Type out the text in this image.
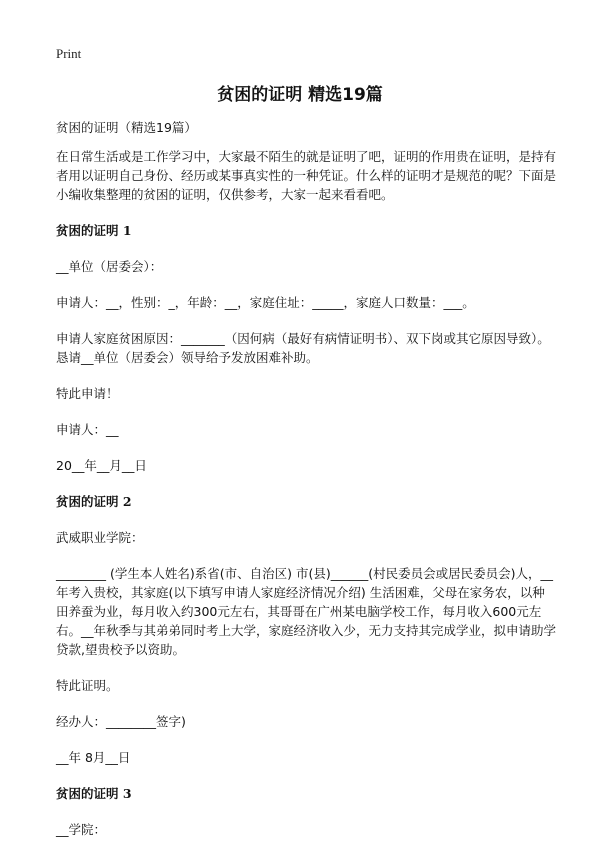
Print
贫困的证明 精选19篇

贫困的证明（精选19篇）

在日常生活或是工作学习中，大家最不陌生的就是证明了吧，证明的作用贵在证明，是持有者用以证明自己身份、经历或某事真实性的一种凭证。什么样的证明才是规范的呢？下面是小编收集整理的贫困的证明，仅供参考，大家一起来看看吧。

贫困的证明 1

__单位（居委会）：

申请人：__，性别：_，年龄：__，家庭住址：_____，家庭人口数量：___。

申请人家庭贫困原因：_______（因何病（最好有病情证明书）、双下岗或其它原因导致）。恳请__单位（居委会）领导给予发放困难补助。

特此申请！

申请人：__

20__年__月__日

贫困的证明 2

武威职业学院：

________ (学生本人姓名)系省(市、自治区) 市(县)______(村民委员会或居民委员会)人，__年考入贵校，其家庭(以下填写申请人家庭经济情况介绍) 生活困难，父母在家务农，以种田养蚕为业，每月收入约300元左右，其哥哥在广州某电脑学校工作，每月收入600元左右。__年秋季与其弟弟同时考上大学，家庭经济收入少，无力支持其完成学业，拟申请助学贷款,望贵校予以资助。

特此证明。

经办人：________签字)

__年 8月__日

贫困的证明 3

__学院：
